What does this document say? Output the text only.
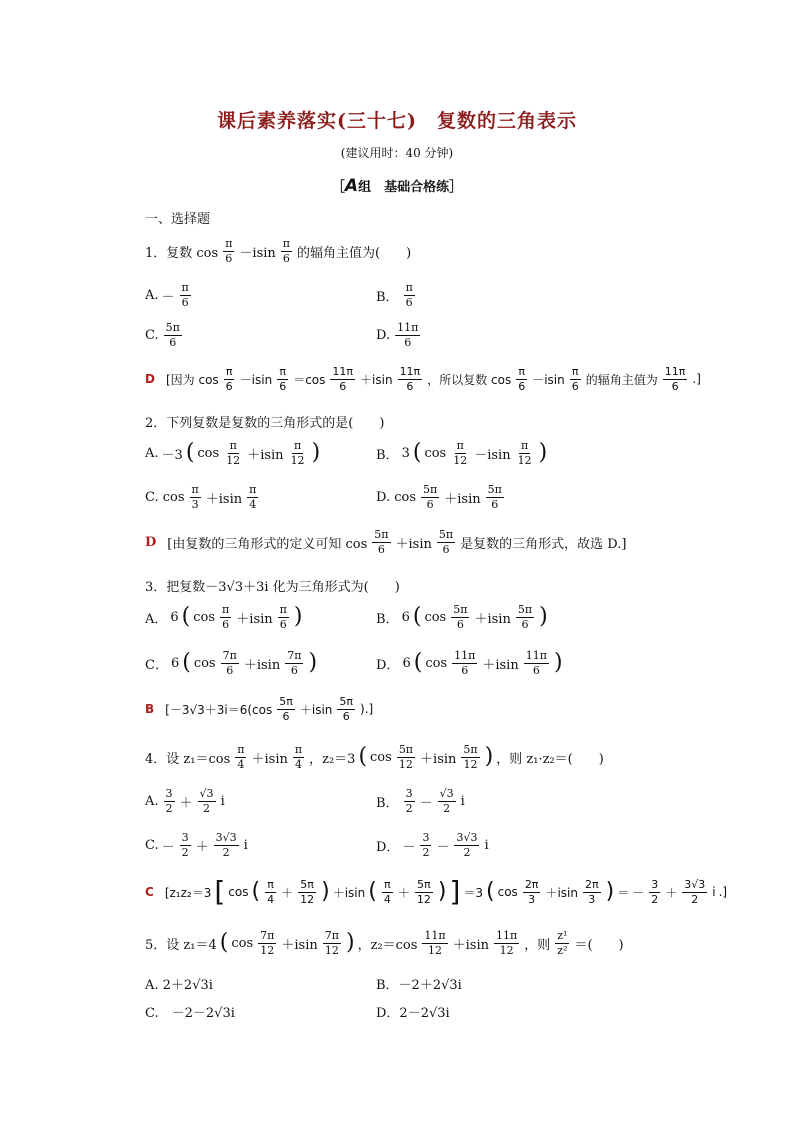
课后素养落实(三十七)　复数的三角表示
(建议用时：40 分钟)
［A组　基础合格练］
一、选择题
1．复数 $\cos \frac{\pi}{6} -isin \frac{\pi}{6}$ 的辐角主值为(　　)
A. － $\frac{\pi}{6}$	B． $\frac{\pi}{6}$
C. $\frac{5\pi}{6}$	D. $\frac{11\pi}{6}$
D [因为 $\cos \frac{\pi}{6} -isin \frac{\pi}{6} =\cos \frac{11\pi}{6} +isin \frac{11\pi}{6}$ ，所以复数 $\cos \frac{\pi}{6} -isin \frac{\pi}{6}$ 的辐角主值为 $\frac{11\pi}{6}$ .]
2．下列复数是复数的三角形式的是(　　)
A. －3 ( $\cos \frac{\pi}{12} +isin \frac{\pi}{12}$ )	B． 3 ( $\cos \frac{\pi}{12} -isin \frac{\pi}{12}$ )
C. $\cos \frac{\pi}{3} +isin \frac{\pi}{4}$	D. $\cos \frac{5\pi}{6} +isin \frac{5\pi}{6}$
D [由复数的三角形式的定义可知 $\cos \frac{5\pi}{6} +isin \frac{5\pi}{6}$ 是复数的三角形式，故选 D.]
3．把复数－3√3＋3i 化为三角形式为(　　)
A． 6 ( $\cos \frac{\pi}{6} +isin \frac{\pi}{6}$ )	B． 6 ( $\cos \frac{5\pi}{6} +isin \frac{5\pi}{6}$ )
C． 6 ( $\cos \frac{7\pi}{6} +isin \frac{7\pi}{6}$ )	D． 6 ( $\cos \frac{11\pi}{6} +isin \frac{11\pi}{6}$ )
B [$-3√3+3i=6(\cos \frac{5\pi}{6} +isin \frac{5\pi}{6}$ ).]
4．设 $z_1=\cos \frac{\pi}{4} +isin \frac{\pi}{4}$ ，z₂＝3 ( $\cos \frac{5\pi}{12} +isin \frac{5\pi}{12}$ ) ，则 z₁·z₂＝(　　)
A. $\frac{3}{2} + \frac{√3}{2}$ i	B． $\frac{3}{2} - \frac{√3}{2}$ i
C. － $\frac{3}{2} + \frac{3√3}{2}$ i	D． － $\frac{3}{2} - \frac{3√3}{2}$ i
C [z₁z₂＝3 [ cos ( $\frac{\pi}{4} + \frac{5\pi}{12}$ ) ＋isin ( $\frac{\pi}{4} + \frac{5\pi}{12}$ ) ] ＝3 ( $\cos \frac{2\pi}{3} +isin \frac{2\pi}{3}$ ) ＝ － $\frac{3}{2} + \frac{3√3}{2}$ i .]
5．设 z₁＝4 ( $\cos \frac{7\pi}{12} +isin \frac{7\pi}{12}$ ) ，$z_2=\cos \frac{11\pi}{12} +isin \frac{11\pi}{12}$ ，则 $\frac{\text{z¹}}{\text{z²}}$ ＝(　　)
A. 2＋2√3i	B．－2＋2√3i
C.　－2－2√3i	D．2－2√3i
